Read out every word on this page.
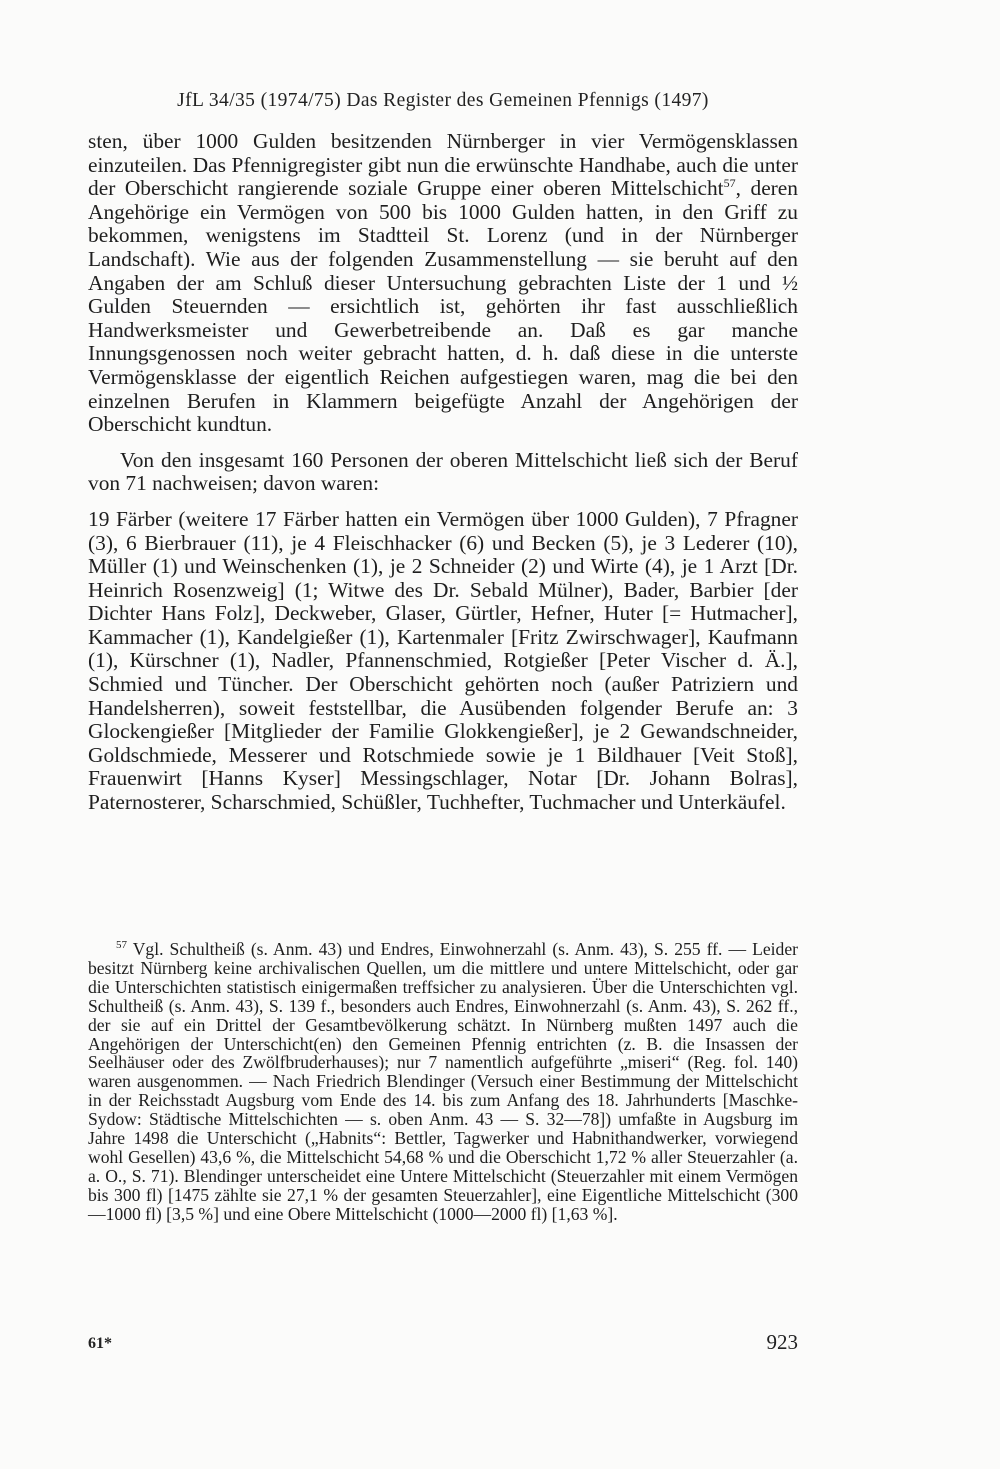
JfL 34/35 (1974/75) Das Register des Gemeinen Pfennigs (1497)

sten, über 1000 Gulden besitzenden Nürnberger in vier Vermögensklassen einzuteilen. Das Pfennigregister gibt nun die erwünschte Handhabe, auch die unter der Oberschicht rangierende soziale Gruppe einer oberen Mittelschicht$^{57}$, deren Angehörige ein Vermögen von 500 bis 1000 Gulden hatten, in den Griff zu bekommen, wenigstens im Stadtteil St. Lorenz (und in der Nürnberger Landschaft). Wie aus der folgenden Zusammenstellung — sie beruht auf den Angaben der am Schluß dieser Untersuchung gebrachten Liste der 1 und ½ Gulden Steuernden — ersichtlich ist, gehörten ihr fast ausschließlich Handwerksmeister und Gewerbetreibende an. Daß es gar manche Innungsgenossen noch weiter gebracht hatten, d. h. daß diese in die unterste Vermögensklasse der eigentlich Reichen aufgestiegen waren, mag die bei den einzelnen Berufen in Klammern beigefügte Anzahl der Angehörigen der Oberschicht kundtun.

Von den insgesamt 160 Personen der oberen Mittelschicht ließ sich der Beruf von 71 nachweisen; davon waren:

19 Färber (weitere 17 Färber hatten ein Vermögen über 1000 Gulden), 7 Pfragner (3), 6 Bierbrauer (11), je 4 Fleischhacker (6) und Becken (5), je 3 Lederer (10), Müller (1) und Weinschenken (1), je 2 Schneider (2) und Wirte (4), je 1 Arzt [Dr. Heinrich Rosenzweig] (1; Witwe des Dr. Sebald Mülner), Bader, Barbier [der Dichter Hans Folz], Deckweber, Glaser, Gürtler, Hefner, Huter [= Hutmacher], Kammacher (1), Kandelgießer (1), Kartenmaler [Fritz Zwirschwager], Kaufmann (1), Kürschner (1), Nadler, Pfannenschmied, Rotgießer [Peter Vischer d. Ä.], Schmied und Tüncher. Der Oberschicht gehörten noch (außer Patriziern und Handelsherren), soweit feststellbar, die Ausübenden folgender Berufe an: 3 Glockengießer [Mitglieder der Familie Glokkengießer], je 2 Gewandschneider, Goldschmiede, Messerer und Rotschmiede sowie je 1 Bildhauer [Veit Stoß], Frauenwirt [Hanns Kyser] Messingschlager, Notar [Dr. Johann Bolras], Paternosterer, Scharschmied, Schüßler, Tuchhefter, Tuchmacher und Unterkäufel.

$^{57}$ Vgl. Schultheiß (s. Anm. 43) und Endres, Einwohnerzahl (s. Anm. 43), S. 255 ff. — Leider besitzt Nürnberg keine archivalischen Quellen, um die mittlere und untere Mittelschicht, oder gar die Unterschichten statistisch einigermaßen treffsicher zu analysieren. Über die Unterschichten vgl. Schultheiß (s. Anm. 43), S. 139 f., besonders auch Endres, Einwohnerzahl (s. Anm. 43), S. 262 ff., der sie auf ein Drittel der Gesamtbevölkerung schätzt. In Nürnberg mußten 1497 auch die Angehörigen der Unterschicht(en) den Gemeinen Pfennig entrichten (z. B. die Insassen der Seelhäuser oder des Zwölfbruderhauses); nur 7 namentlich aufgeführte „miseri“ (Reg. fol. 140) waren ausgenommen. — Nach Friedrich Blendinger (Versuch einer Bestimmung der Mittelschicht in der Reichsstadt Augsburg vom Ende des 14. bis zum Anfang des 18. Jahrhunderts [Maschke-Sydow: Städtische Mittelschichten — s. oben Anm. 43 — S. 32—78]) umfaßte in Augsburg im Jahre 1498 die Unterschicht („Habnits“: Bettler, Tagwerker und Habnithandwerker, vorwiegend wohl Gesellen) 43,6 %, die Mittelschicht 54,68 % und die Oberschicht 1,72 % aller Steuerzahler (a. a. O., S. 71). Blendinger unterscheidet eine Untere Mittelschicht (Steuerzahler mit einem Vermögen bis 300 fl) [1475 zählte sie 27,1 % der gesamten Steuerzahler], eine Eigentliche Mittelschicht (300—1000 fl) [3,5 %] und eine Obere Mittelschicht (1000—2000 fl) [1,63 %].

61*	923
